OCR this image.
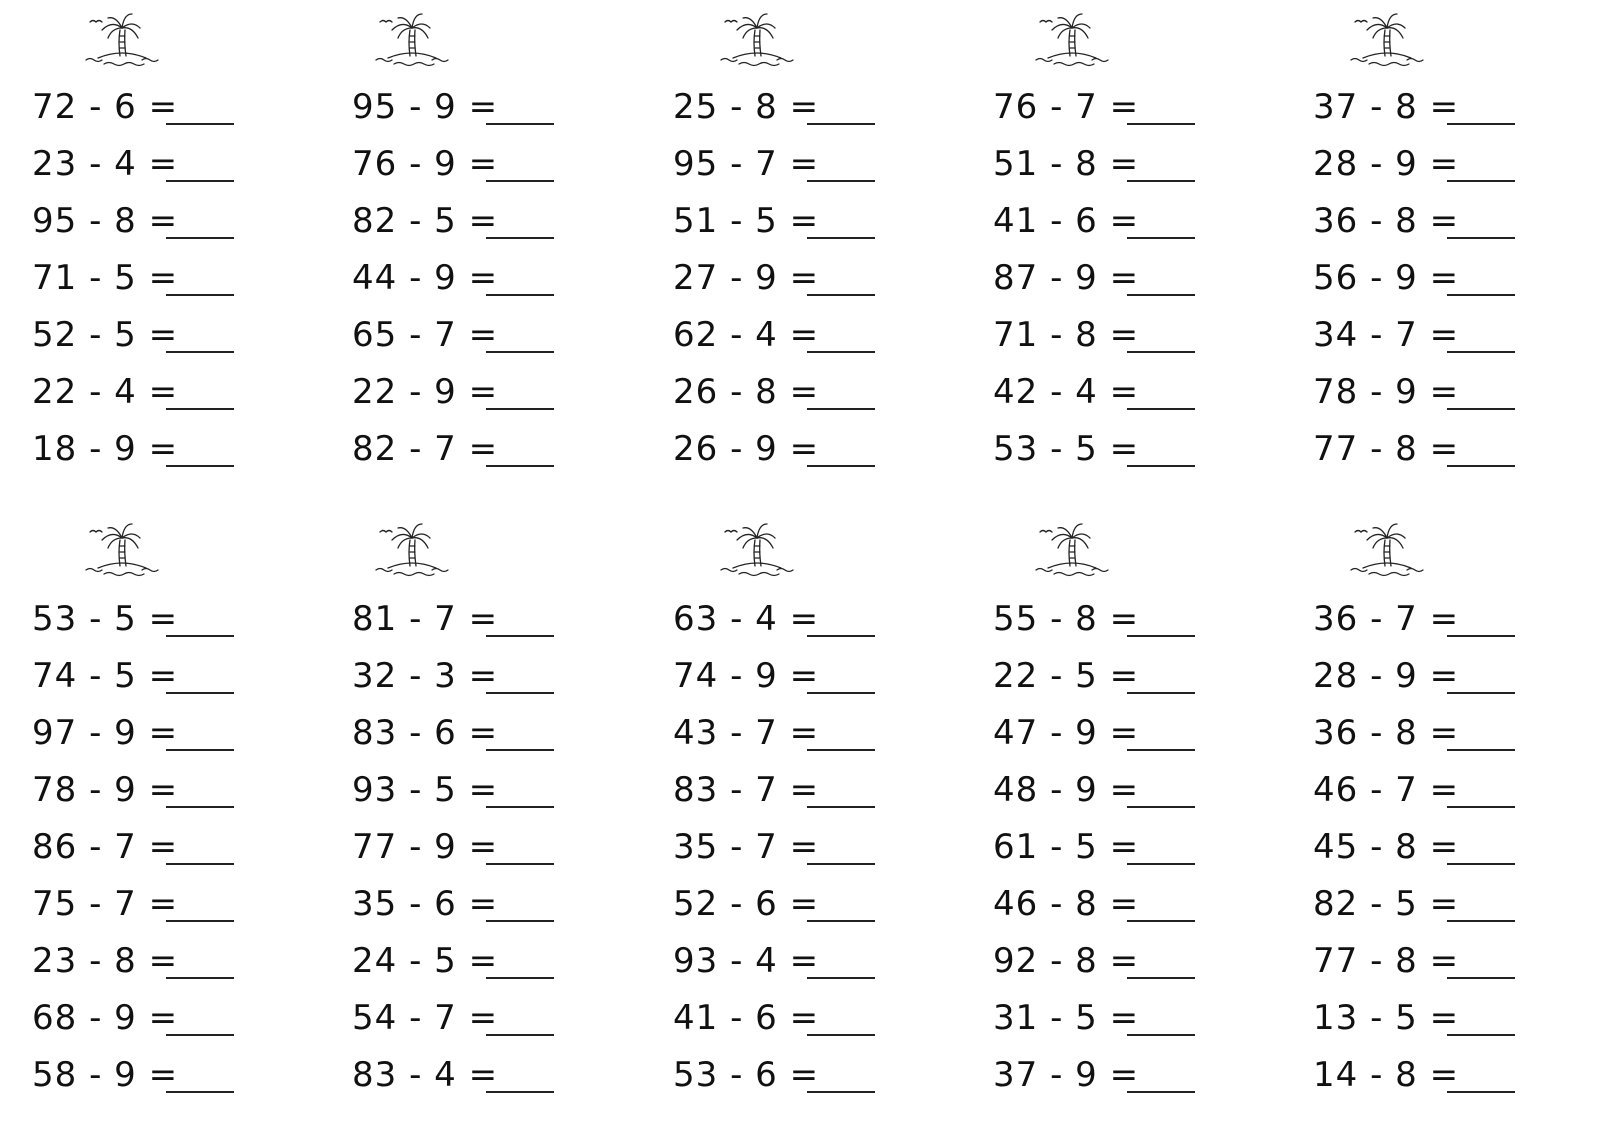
72 - 6 =
23 - 4 =
95 - 8 =
71 - 5 =
52 - 5 =
22 - 4 =
18 - 9 =
95 - 9 =
76 - 9 =
82 - 5 =
44 - 9 =
65 - 7 =
22 - 9 =
82 - 7 =
25 - 8 =
95 - 7 =
51 - 5 =
27 - 9 =
62 - 4 =
26 - 8 =
26 - 9 =
76 - 7 =
51 - 8 =
41 - 6 =
87 - 9 =
71 - 8 =
42 - 4 =
53 - 5 =
37 - 8 =
28 - 9 =
36 - 8 =
56 - 9 =
34 - 7 =
78 - 9 =
77 - 8 =
53 - 5 =
74 - 5 =
97 - 9 =
78 - 9 =
86 - 7 =
75 - 7 =
23 - 8 =
68 - 9 =
58 - 9 =
81 - 7 =
32 - 3 =
83 - 6 =
93 - 5 =
77 - 9 =
35 - 6 =
24 - 5 =
54 - 7 =
83 - 4 =
63 - 4 =
74 - 9 =
43 - 7 =
83 - 7 =
35 - 7 =
52 - 6 =
93 - 4 =
41 - 6 =
53 - 6 =
55 - 8 =
22 - 5 =
47 - 9 =
48 - 9 =
61 - 5 =
46 - 8 =
92 - 8 =
31 - 5 =
37 - 9 =
36 - 7 =
28 - 9 =
36 - 8 =
46 - 7 =
45 - 8 =
82 - 5 =
77 - 8 =
13 - 5 =
14 - 8 =
